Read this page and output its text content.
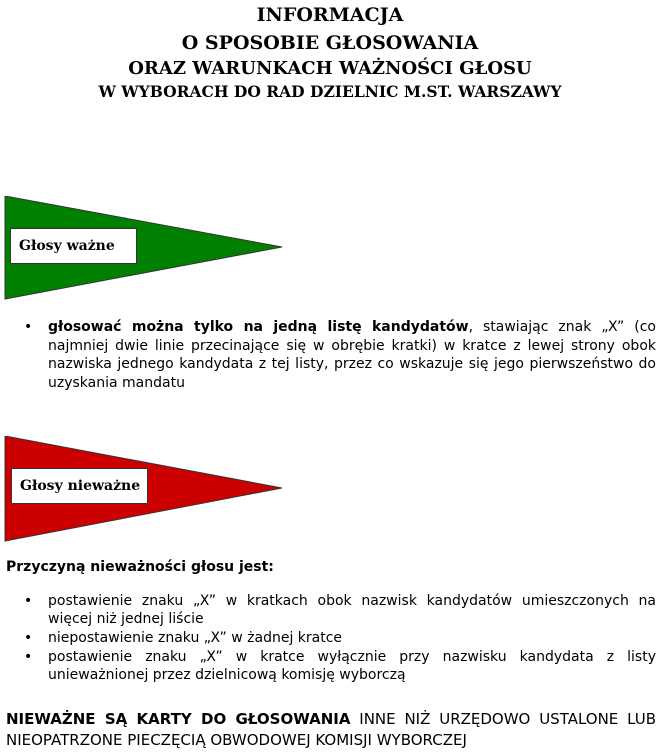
INFORMACJA
O SPOSOBIE GŁOSOWANIA
ORAZ WARUNKACH WAŻNOŚCI GŁOSU
W WYBORACH DO RAD DZIELNIC M.ST. WARSZAWY
Głosy ważne
• głosować można tylko na jedną listę kandydatów, stawiając znak „X” (co najmniej dwie linie przecinające się w obrębie kratki) w kratce z lewej strony obok nazwiska jednego kandydata z tej listy, przez co wskazuje się jego pierwszeństwo do uzyskania mandatu
Głosy nieważne

Przyczyną nieważności głosu jest:

• postawienie znaku „X” w kratkach obok nazwisk kandydatów umieszczonych na więcej niż jednej liście
• niepostawienie znaku „X” w żadnej kratce
• postawienie znaku „X” w kratce wyłącznie przy nazwisku kandydata z listy unieważnionej przez dzielnicową komisję wyborczą

NIEWAŻNE SĄ KARTY DO GŁOSOWANIA INNE NIŻ URZĘDOWO USTALONE LUB NIEOPATRZONE PIECZĘCIĄ OBWODOWEJ KOMISJI WYBORCZEJ
